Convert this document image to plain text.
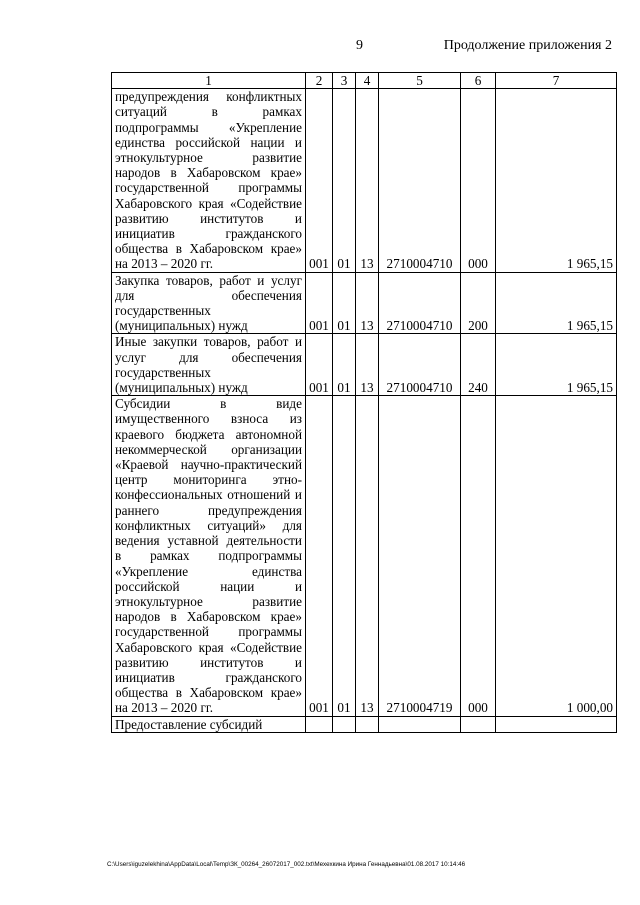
9	Продолжение приложения 2
1	2	3	4	5	6	7
предупреждения конфликтных ситуаций в рамках подпрограммы «Укрепление единства российской нации и этнокультурное развитие народов в Хабаровском крае» государственной программы Хабаровского края «Содействие развитию институтов и инициатив гражданского общества в Хабаровском крае» на 2013 – 2020 гг.	001	01	13	2710004710	000	1 965,15
Закупка товаров, работ и услуг для обеспечения государственных (муниципальных) нужд	001	01	13	2710004710	200	1 965,15
Иные закупки товаров, работ и услуг для обеспечения государственных (муниципальных) нужд	001	01	13	2710004710	240	1 965,15
Субсидии в виде имущественного взноса из краевого бюджета автономной некоммерческой организации «Краевой научно-практический центр мониторинга этно-конфессиональных отношений и раннего предупреждения конфликтных ситуаций» для ведения уставной деятельности в рамках подпрограммы «Укрепление единства российской нации и этнокультурное развитие народов в Хабаровском крае» государственной программы Хабаровского края «Содействие развитию институтов и инициатив гражданского общества в Хабаровском крае» на 2013 – 2020 гг.	001	01	13	2710004719	000	1 000,00
Предоставление субсидий						
C:\Users\iguzelekhina\AppData\Local\Temp\ЗК_00264_26072017_002.txt\Мехехкина Ирина Геннадьевна\01.08.2017 10:14:46
